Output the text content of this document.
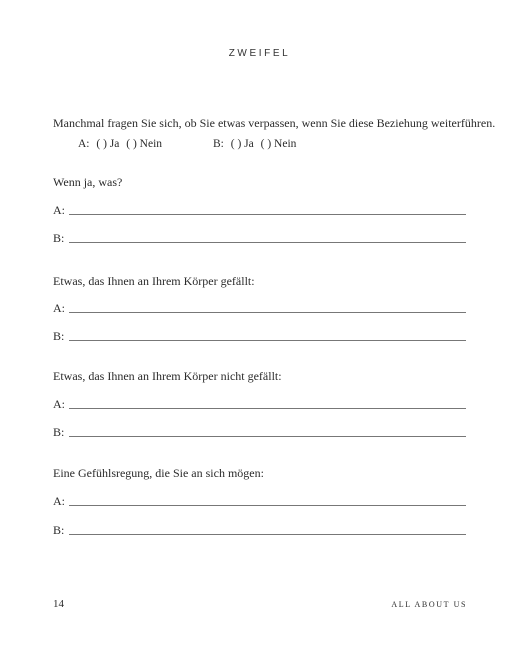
ZWEIFEL
Manchmal fragen Sie sich, ob Sie etwas verpassen, wenn Sie diese Beziehung weiterführen.
A: ( ) Ja ( ) Nein	B: ( ) Ja ( ) Nein
Wenn ja, was?
A:
B:
Etwas, das Ihnen an Ihrem Körper gefällt:
A:
B:
Etwas, das Ihnen an Ihrem Körper nicht gefällt:
A:
B:
Eine Gefühlsregung, die Sie an sich mögen:
A:
B:
14	ALL ABOUT US
